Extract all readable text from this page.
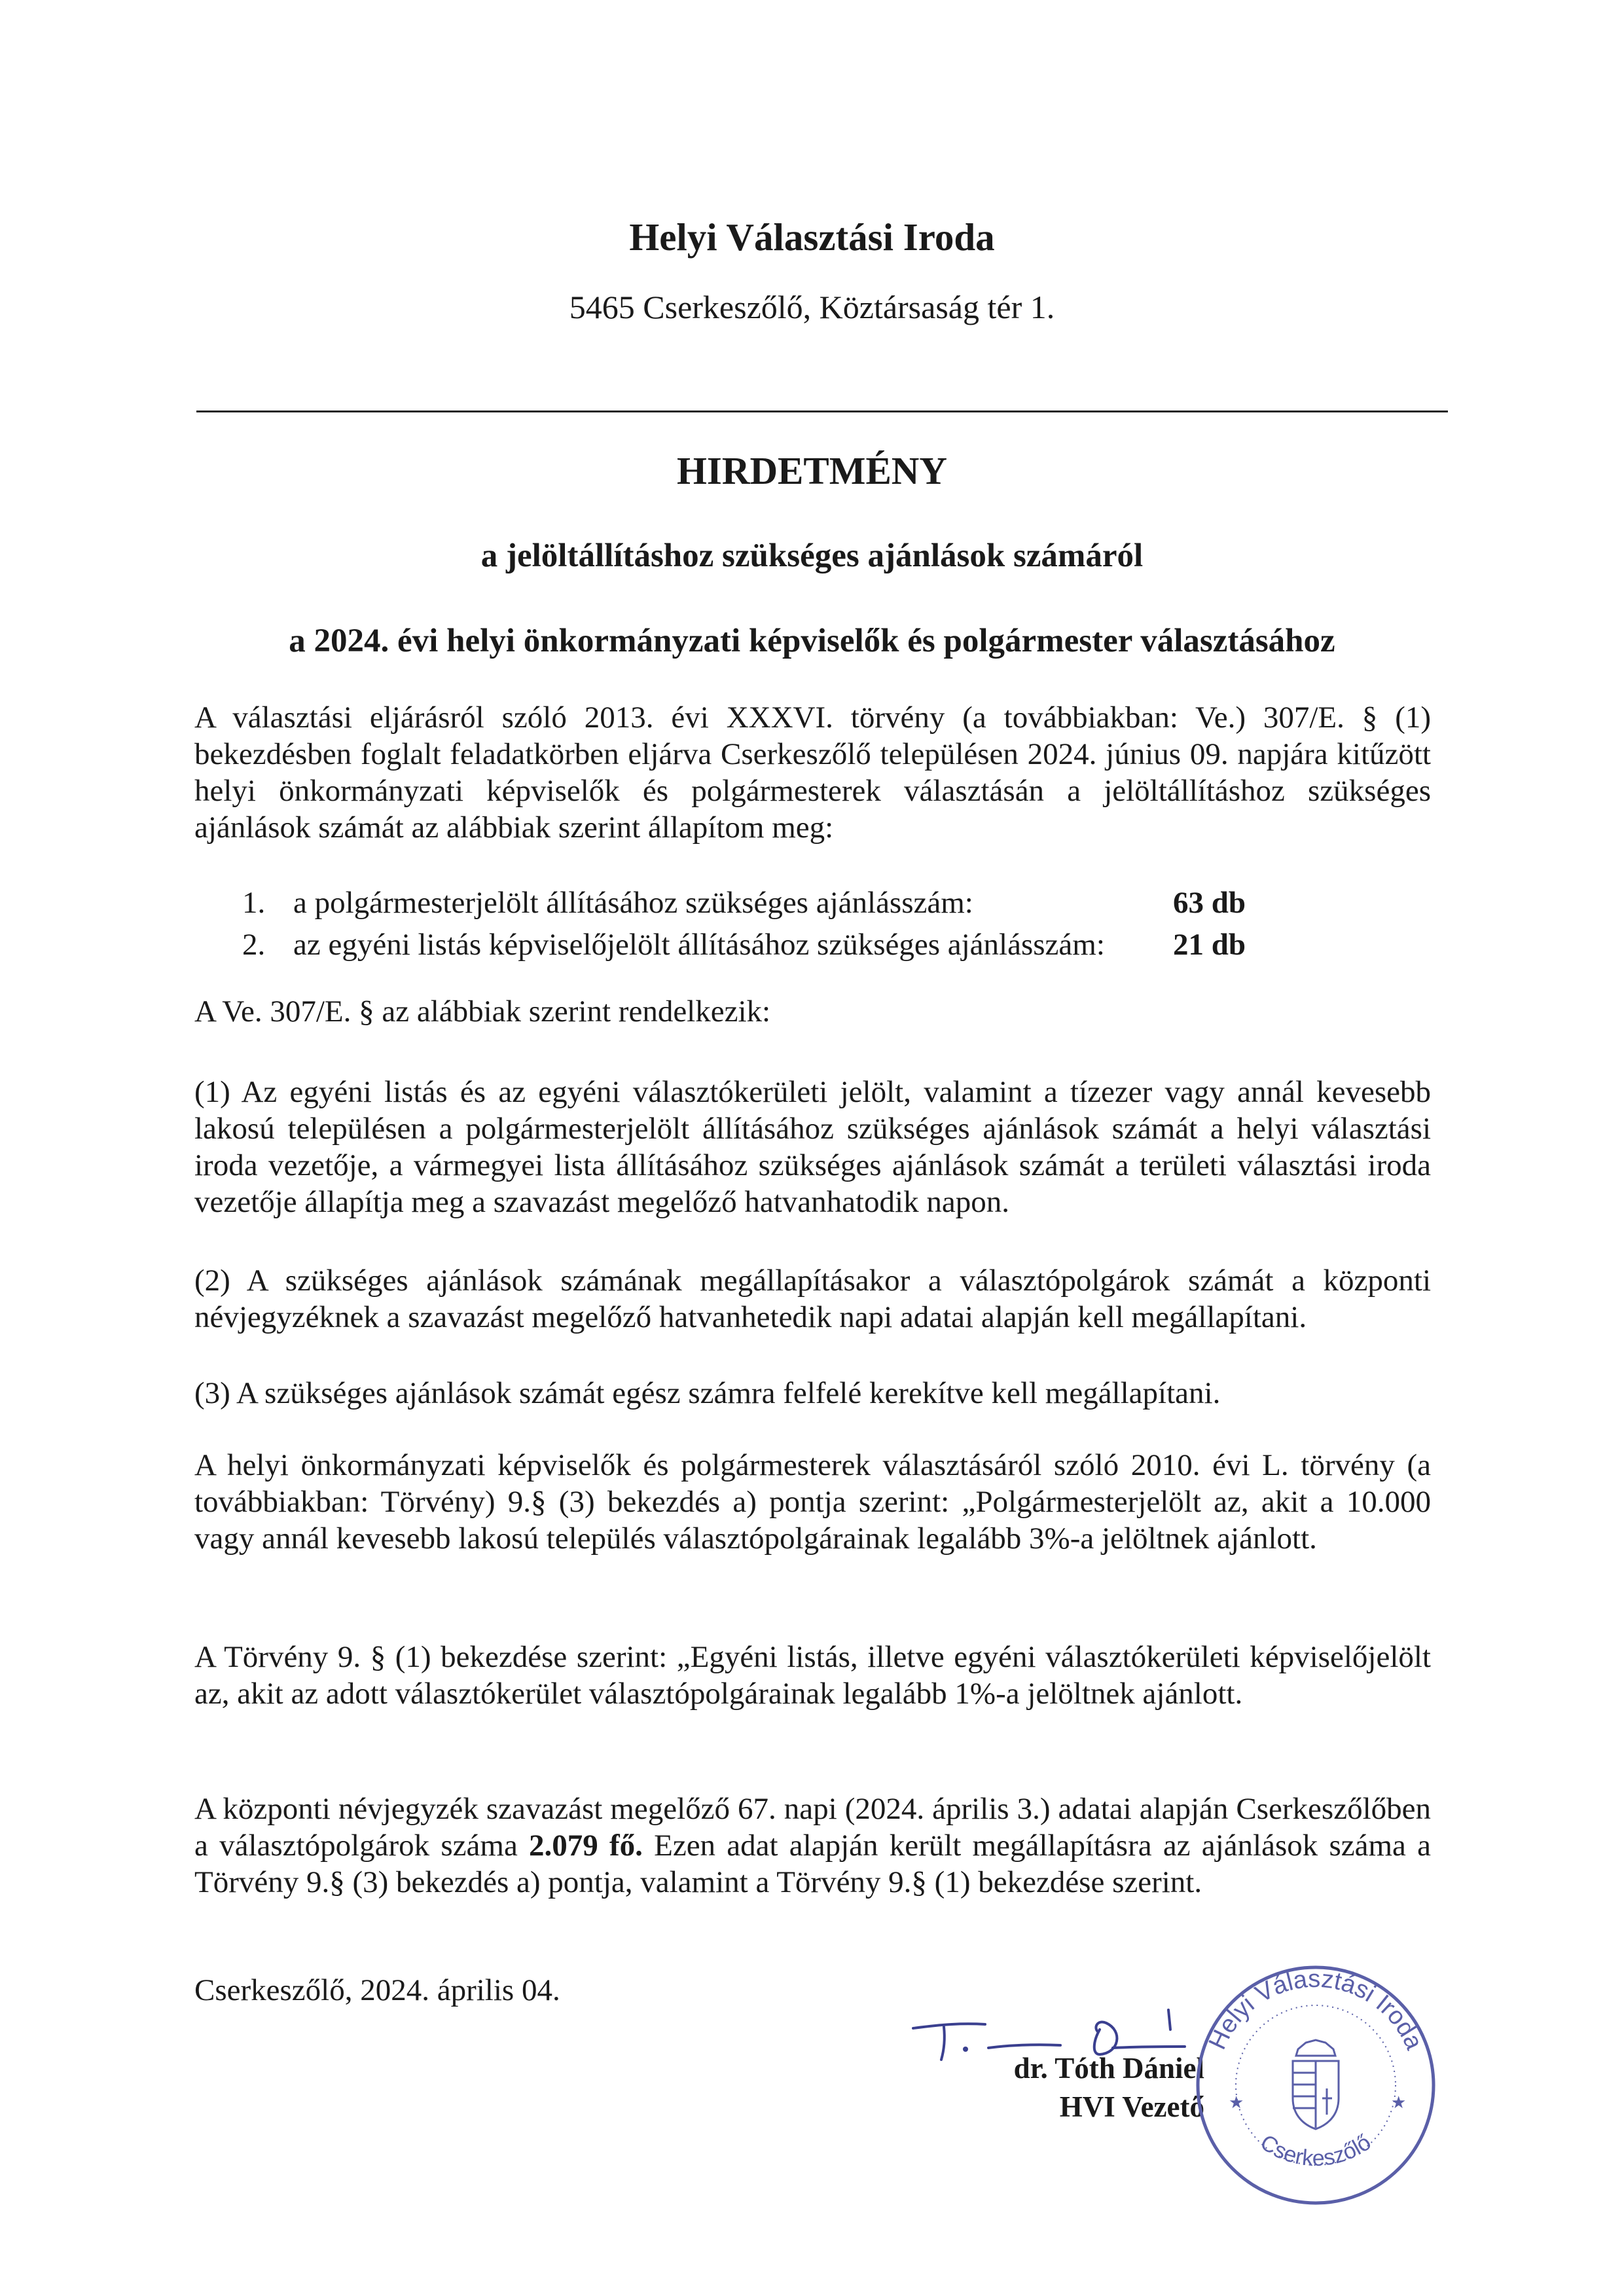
Helyi Választási Iroda
5465 Cserkeszőlő, Köztársaság tér 1.
HIRDETMÉNY
a jelöltállításhoz szükséges ajánlások számáról
a 2024. évi helyi önkormányzati képviselők és polgármester választásához

A választási eljárásról szóló 2013. évi XXXVI. törvény (a továbbiakban: Ve.) 307/E. § (1) bekezdésben foglalt feladatkörben eljárva Cserkeszőlő településen 2024. június 09. napjára kitűzött helyi önkormányzati képviselők és polgármesterek választásán a jelöltállításhoz szükséges ajánlások számát az alábbiak szerint állapítom meg:

1. a polgármesterjelölt állításához szükséges ajánlásszám:	63 db
2. az egyéni listás képviselőjelölt állításához szükséges ajánlásszám: 21 db

A Ve. 307/E. § az alábbiak szerint rendelkezik:

(1) Az egyéni listás és az egyéni választókerületi jelölt, valamint a tízezer vagy annál kevesebb lakosú településen a polgármesterjelölt állításához szükséges ajánlások számát a helyi választási iroda vezetője, a vármegyei lista állításához szükséges ajánlások számát a területi választási iroda vezetője állapítja meg a szavazást megelőző hatvanhatodik napon.

(2) A szükséges ajánlások számának megállapításakor a választópolgárok számát a központi névjegyzéknek a szavazást megelőző hatvanhetedik napi adatai alapján kell megállapítani.

(3) A szükséges ajánlások számát egész számra felfelé kerekítve kell megállapítani.

A helyi önkormányzati képviselők és polgármesterek választásáról szóló 2010. évi L. törvény (a továbbiakban: Törvény) 9.§ (3) bekezdés a) pontja szerint: „Polgármesterjelölt az, akit a 10.000 vagy annál kevesebb lakosú település választópolgárainak legalább 3%-a jelöltnek ajánlott.

A Törvény 9. § (1) bekezdése szerint: „Egyéni listás, illetve egyéni választókerületi képviselőjelölt az, akit az adott választókerület választópolgárainak legalább 1%-a jelöltnek ajánlott.

A központi névjegyzék szavazást megelőző 67. napi (2024. április 3.) adatai alapján Cserkeszőlőben a választópolgárok száma 2.079 fő. Ezen adat alapján került megállapításra az ajánlások száma a Törvény 9.§ (3) bekezdés a) pontja, valamint a Törvény 9.§ (1) bekezdése szerint.

Cserkeszőlő, 2024. április 04.

dr. Tóth Dániel
HVI Vezető
Helyi Választási Iroda
Cserkeszőlő
★	★
